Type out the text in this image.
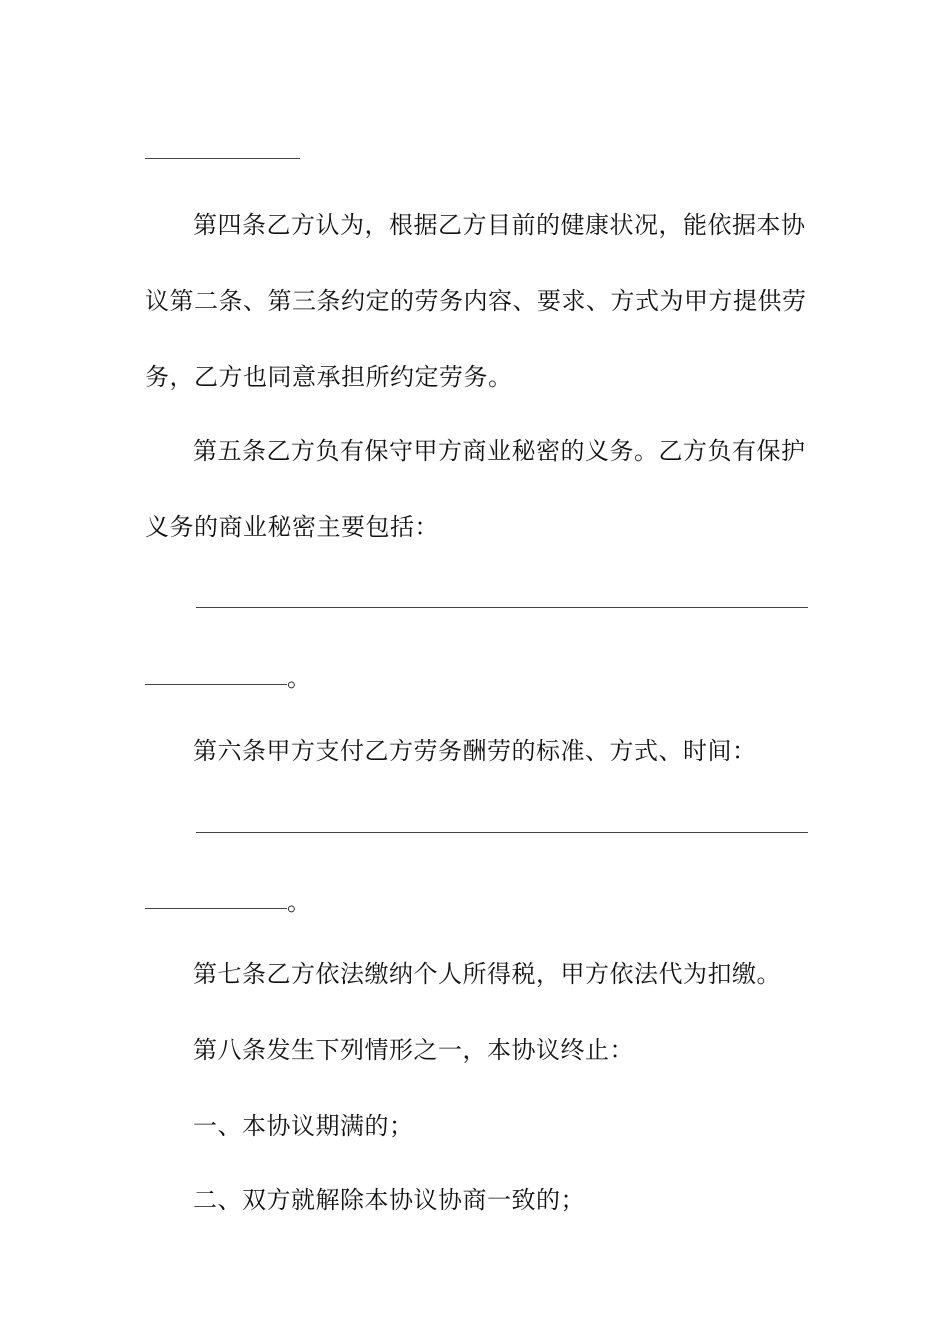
第四条乙方认为，根据乙方目前的健康状况，能依据本协
议第二条、第三条约定的劳务内容、要求、方式为甲方提供劳
务，乙方也同意承担所约定劳务。
第五条乙方负有保守甲方商业秘密的义务。乙方负有保护
义务的商业秘密主要包括：
。
第六条甲方支付乙方劳务酬劳的标准、方式、时间：
。
第七条乙方依法缴纳个人所得税，甲方依法代为扣缴。
第八条发生下列情形之一，本协议终止：
一、本协议期满的；
二、双方就解除本协议协商一致的；
